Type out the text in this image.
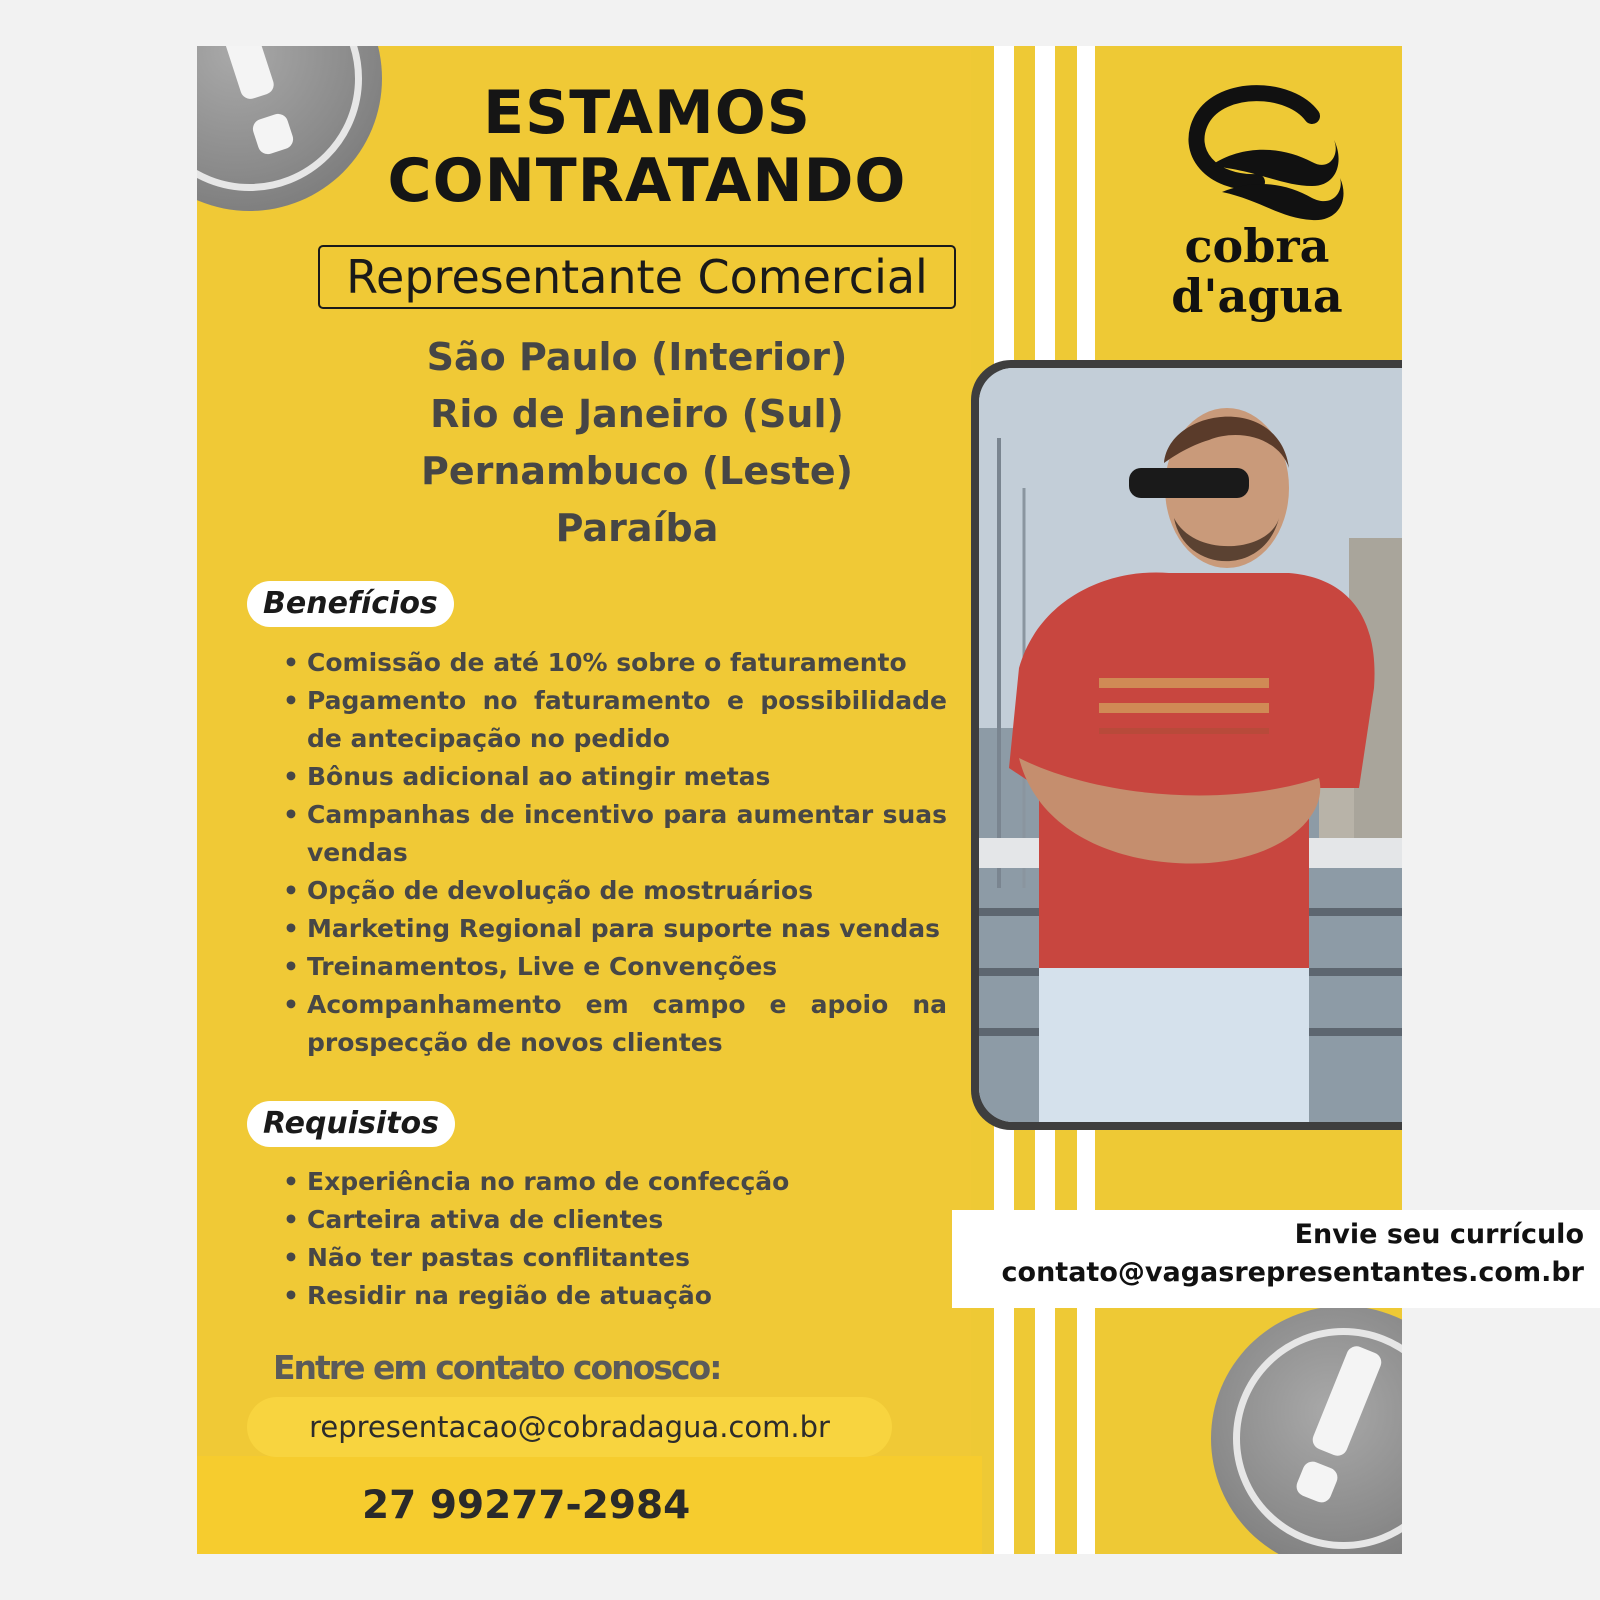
ESTAMOS
CONTRATANDO
Representante Comercial
São Paulo (Interior)
Rio de Janeiro (Sul)
Pernambuco (Leste)
Paraíba
Benefícios
• Comissão de até 10% sobre o faturamento
• Pagamento no faturamento e possibilidade de antecipação no pedido
• Bônus adicional ao atingir metas
• Campanhas de incentivo para aumentar suas vendas
• Opção de devolução de mostruários
• Marketing Regional para suporte nas vendas
• Treinamentos, Live e Convenções
• Acompanhamento em campo e apoio na prospecção de novos clientes
Requisitos
• Experiência no ramo de confecção
• Carteira ativa de clientes
• Não ter pastas conflitantes
• Residir na região de atuação
Entre em contato conosco:
representacao@cobradagua.com.br
27 99277-2984
cobra
d'agua
Envie seu currículo
contato@vagasrepresentantes.com.br
